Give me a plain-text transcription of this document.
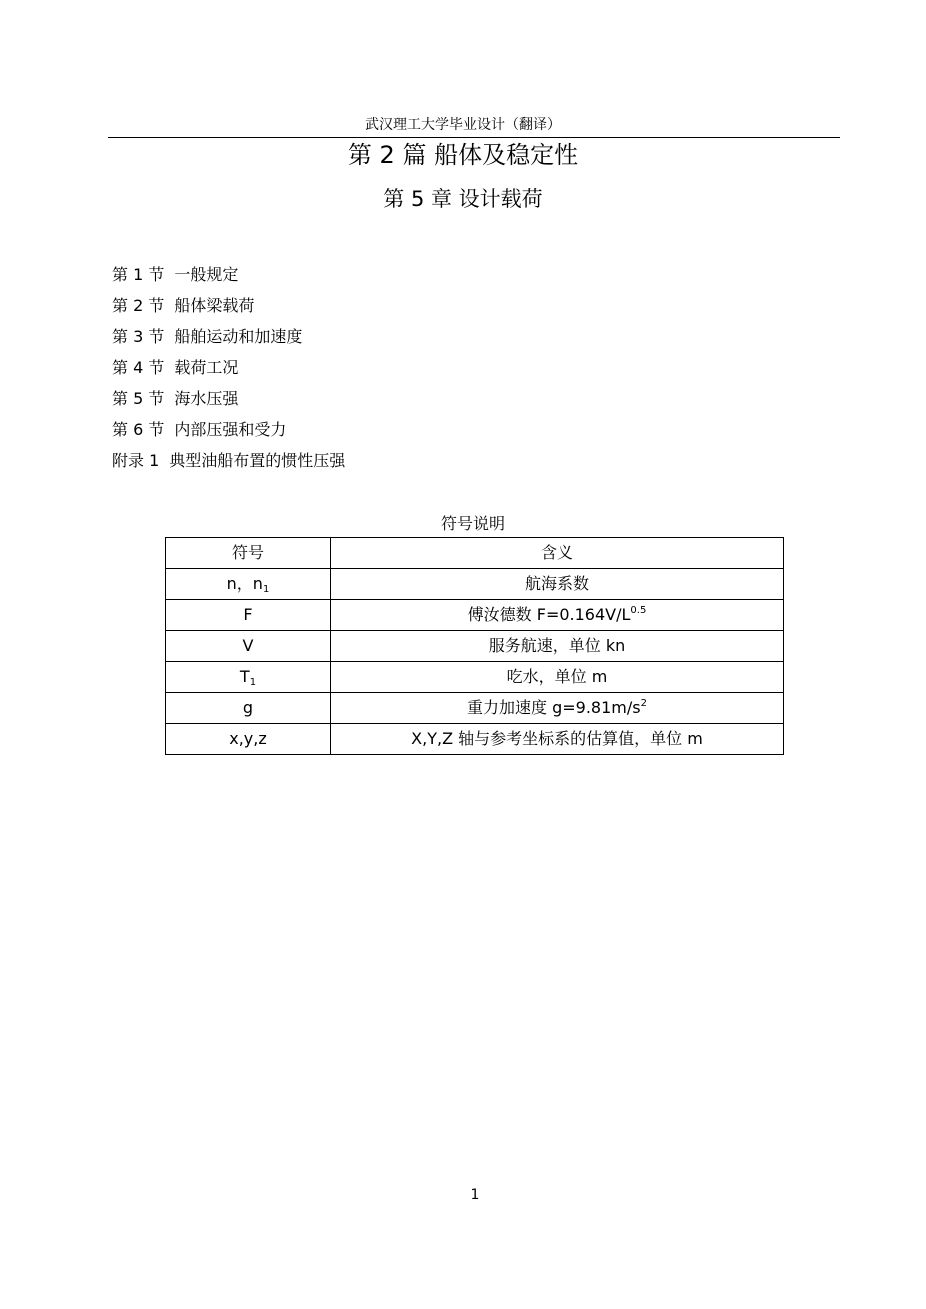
武汉理工大学毕业设计（翻译）
第 2 篇 船体及稳定性
第 5 章 设计载荷
第 1 节 一般规定
第 2 节 船体梁载荷
第 3 节 船舶运动和加速度
第 4 节 载荷工况
第 5 节 海水压强
第 6 节 内部压强和受力
附录 1 典型油船布置的惯性压强
符号说明
符号	含义
n，$n_1$	航海系数
F	傅汝德数 $F=0.164V/L^{0.5}$
V	服务航速，单位 kn
$T_1$	吃水，单位 m
g	重力加速度 $g=9.81m/s^2$
x,y,z	X,Y,Z 轴与参考坐标系的估算值，单位 m
1
